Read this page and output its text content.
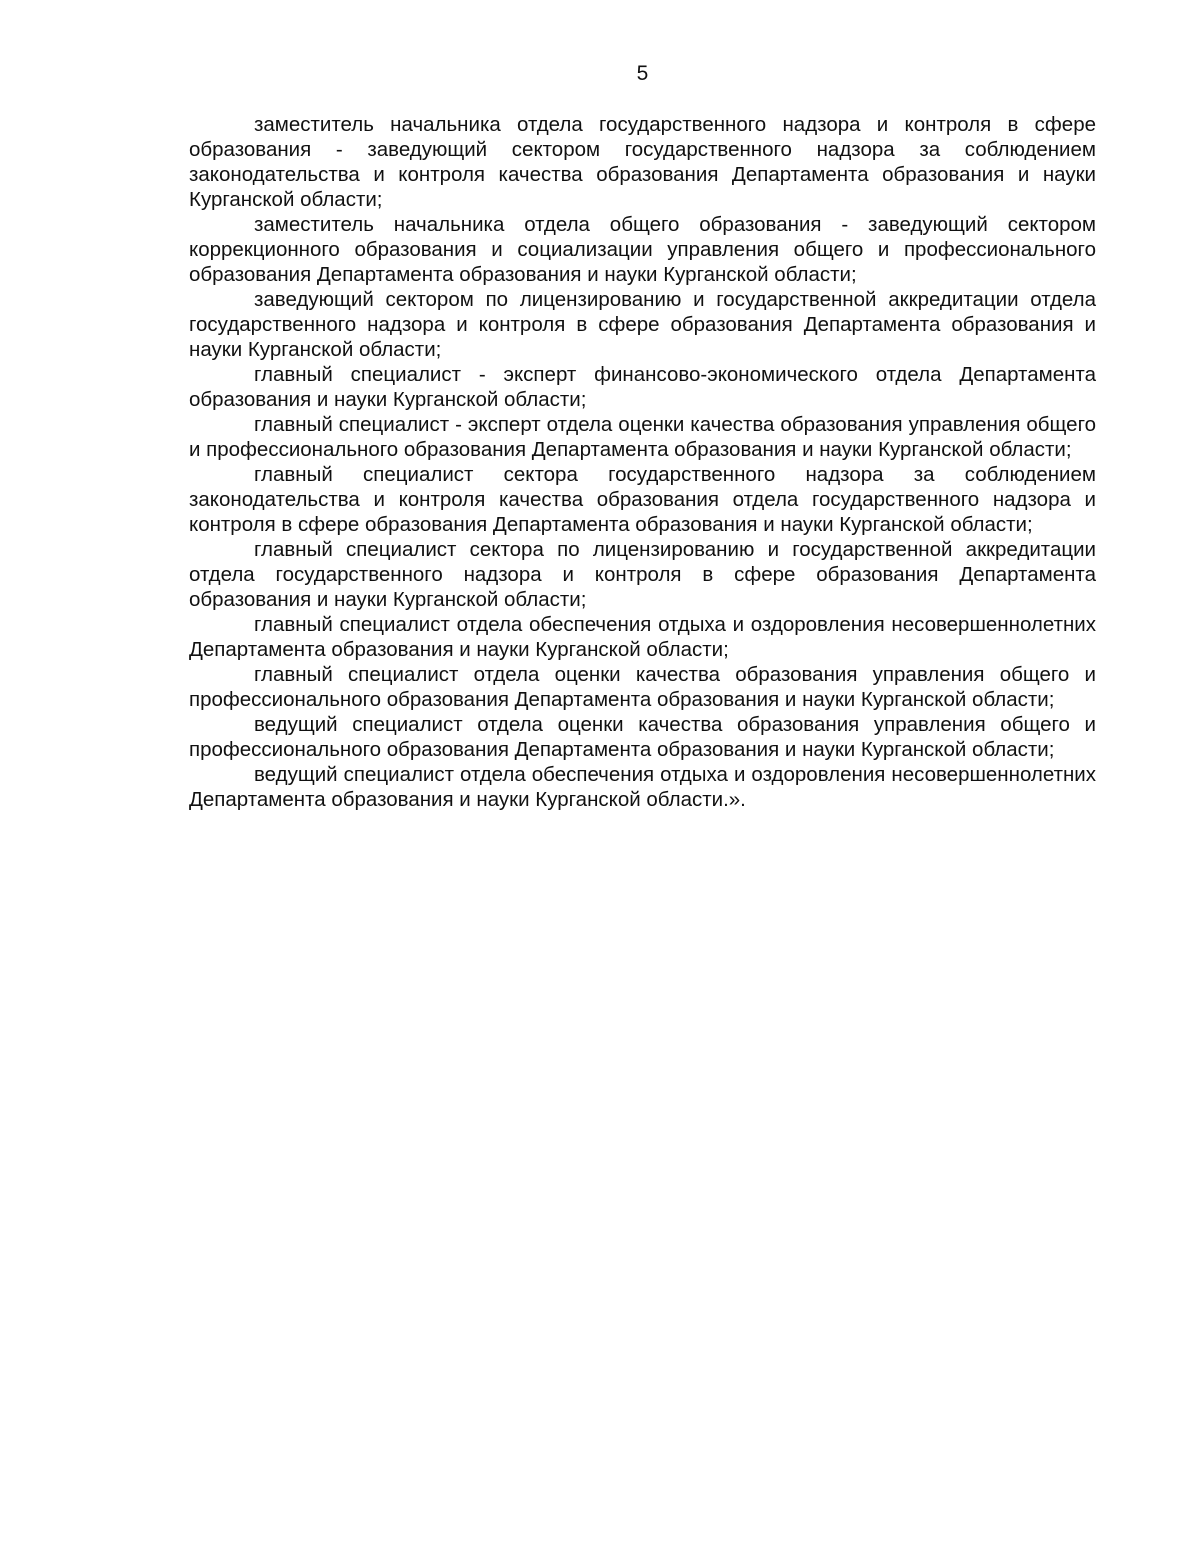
5

заместитель начальника отдела государственного надзора и контроля в сфере образования - заведующий сектором государственного надзора за соблюдением законодательства и контроля качества образования Департамента образования и науки Курганской области;

заместитель начальника отдела общего образования - заведующий сектором коррекционного образования и социализации управления общего и профессионального образования Департамента образования и науки Курганской области;

заведующий сектором по лицензированию и государственной аккредитации отдела государственного надзора и контроля в сфере образования Департамента образования и науки Курганской области;

главный специалист - эксперт финансово-экономического отдела Департамента образования и науки Курганской области;

главный специалист - эксперт отдела оценки качества образования управления общего и профессионального образования Департамента образования и науки Курганской области;

главный специалист сектора государственного надзора за соблюдением законодательства и контроля качества образования отдела государственного надзора и контроля в сфере образования Департамента образования и науки Курганской области;

главный специалист сектора по лицензированию и государственной аккредитации отдела государственного надзора и контроля в сфере образования Департамента образования и науки Курганской области;

главный специалист отдела обеспечения отдыха и оздоровления несовершеннолетних Департамента образования и науки Курганской области;

главный специалист отдела оценки качества образования управления общего и профессионального образования Департамента образования и науки Курганской области;

ведущий специалист отдела оценки качества образования управления общего и профессионального образования Департамента образования и науки Курганской области;

ведущий специалист отдела обеспечения отдыха и оздоровления несовершеннолетних Департамента образования и науки Курганской области.».
